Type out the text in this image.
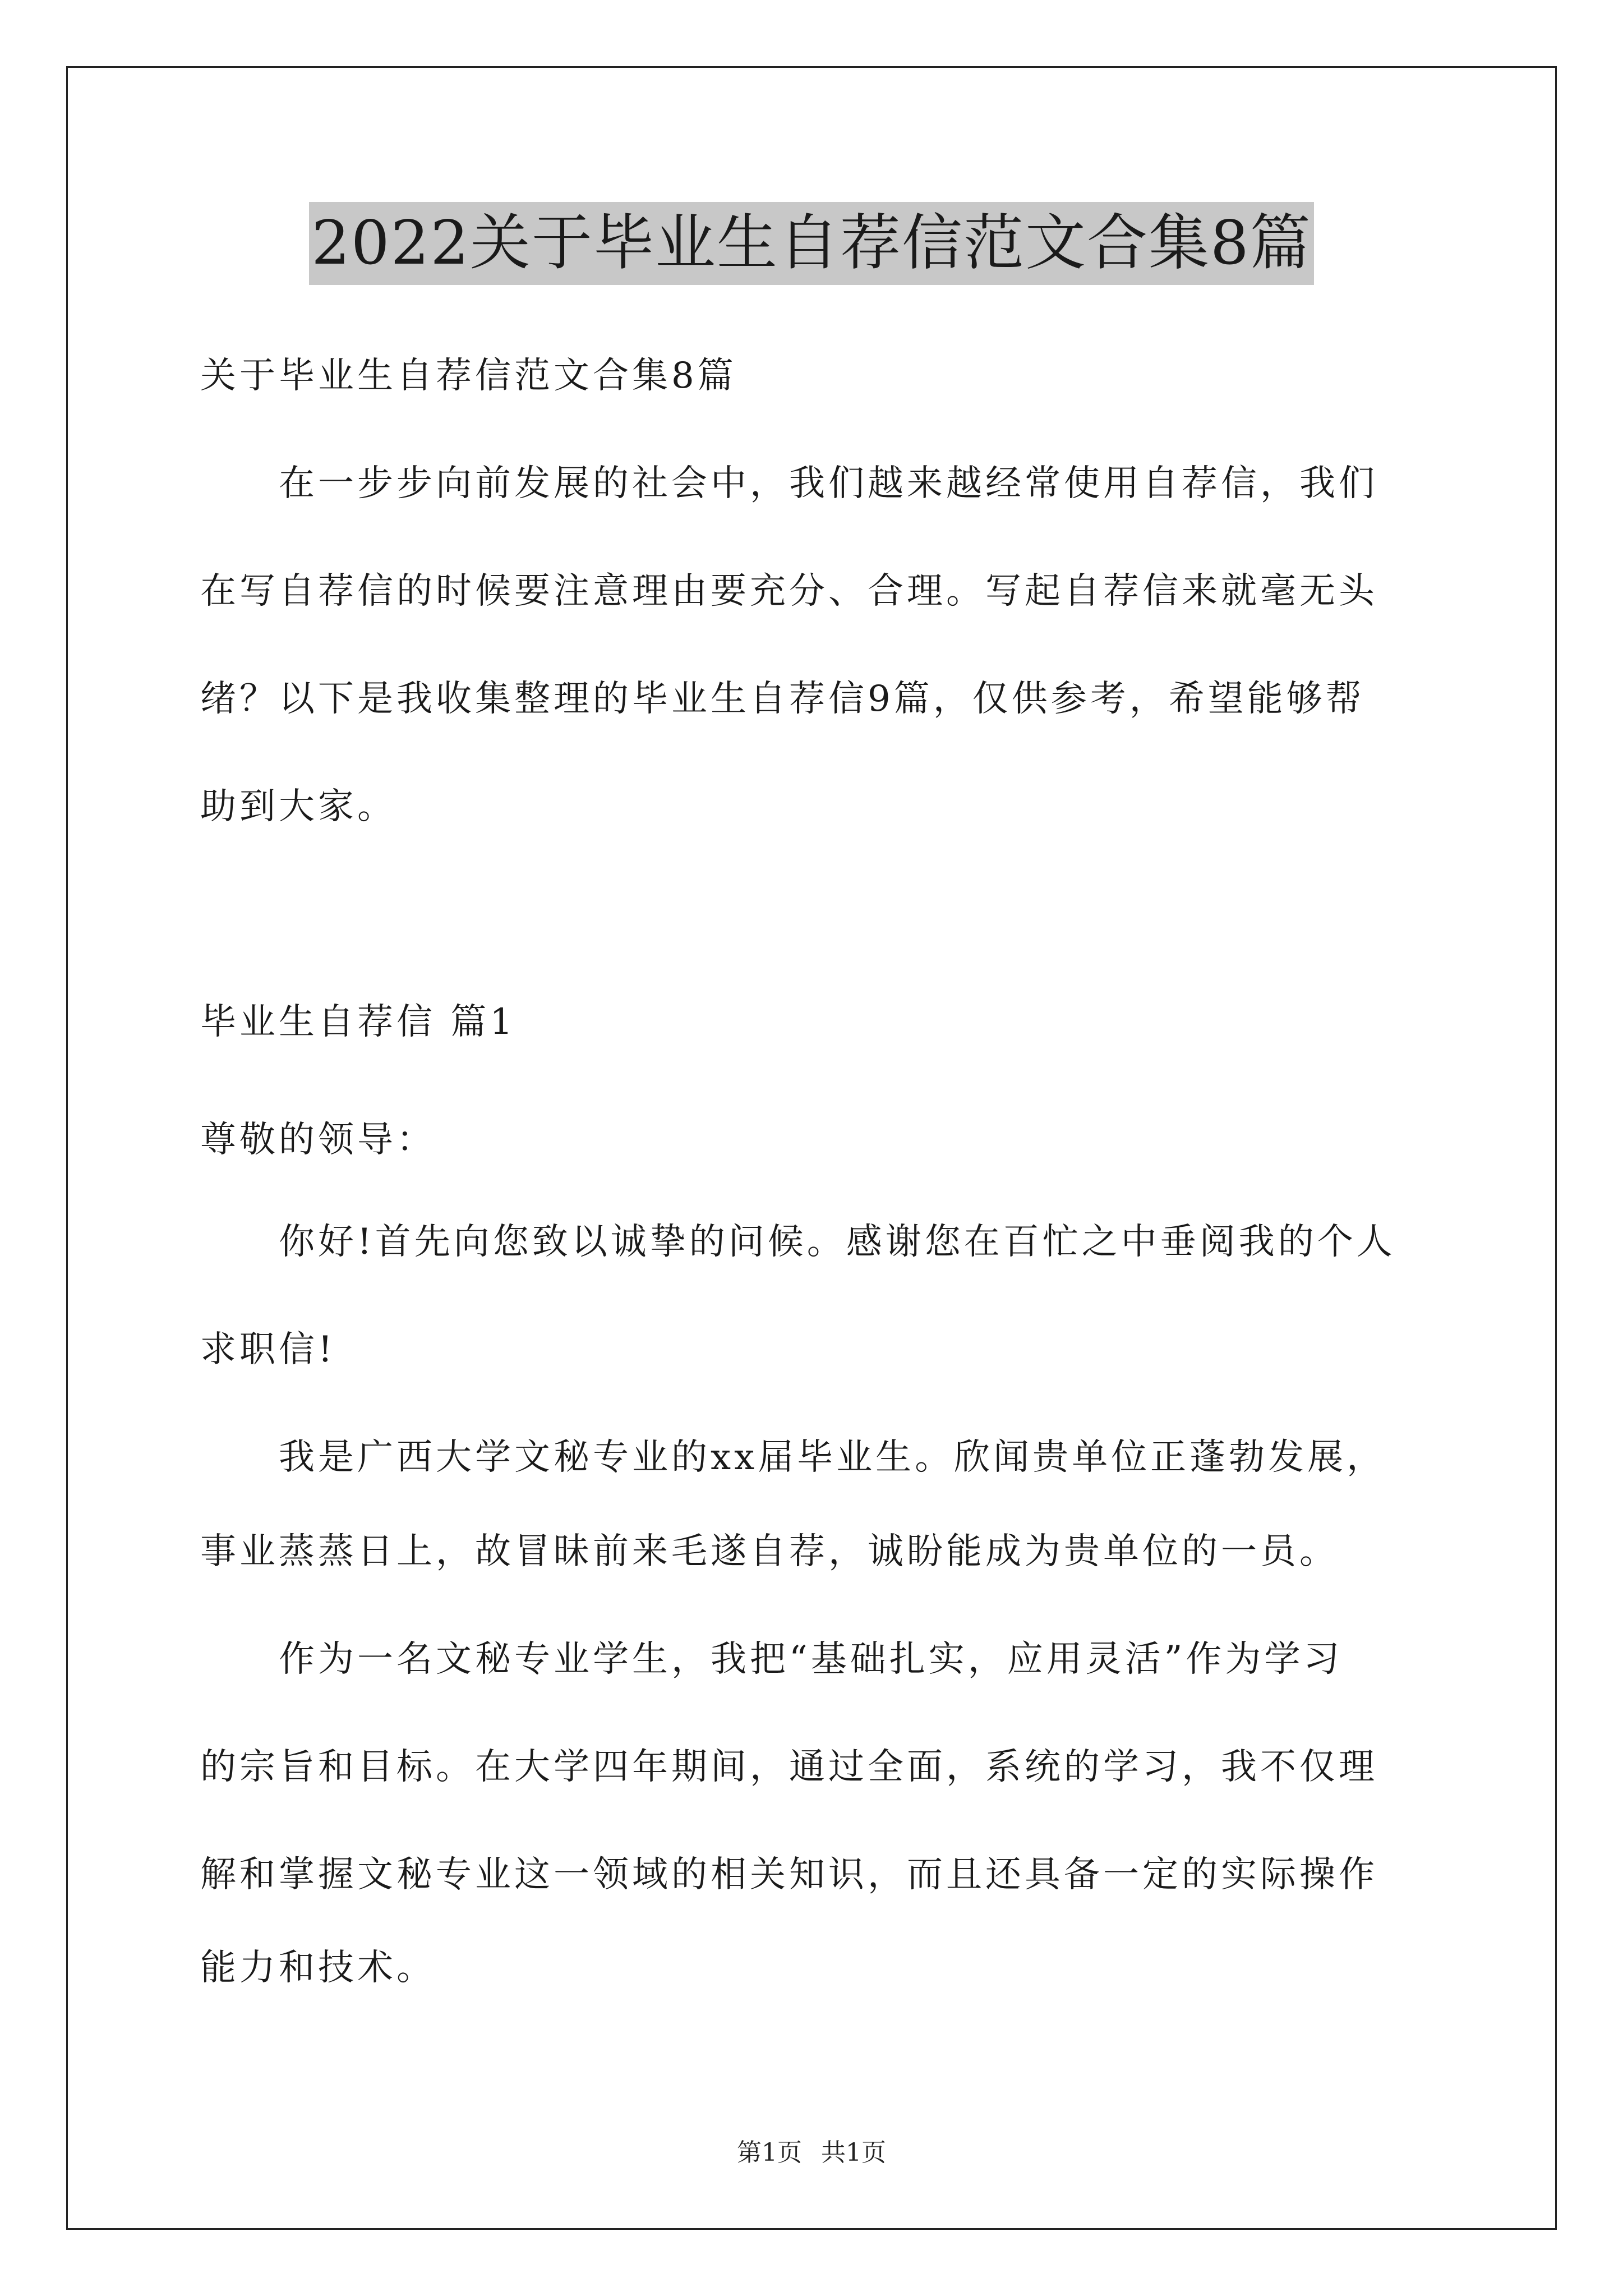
2022关于毕业生自荐信范文合集8篇
关于毕业生自荐信范文合集8篇
在一步步向前发展的社会中，我们越来越经常使用自荐信，我们
在写自荐信的时候要注意理由要充分、合理。写起自荐信来就毫无头
绪？以下是我收集整理的毕业生自荐信9篇，仅供参考，希望能够帮
助到大家。
毕业生自荐信 篇1
尊敬的领导：
你好!首先向您致以诚挚的问候。感谢您在百忙之中垂阅我的个人
求职信!
我是广西大学文秘专业的xx届毕业生。欣闻贵单位正蓬勃发展，
事业蒸蒸日上，故冒昧前来毛遂自荐，诚盼能成为贵单位的一员。
作为一名文秘专业学生，我把“基础扎实，应用灵活”作为学习
的宗旨和目标。在大学四年期间，通过全面，系统的学习，我不仅理
解和掌握文秘专业这一领域的相关知识，而且还具备一定的实际操作
能力和技术。
第1页 共1页
